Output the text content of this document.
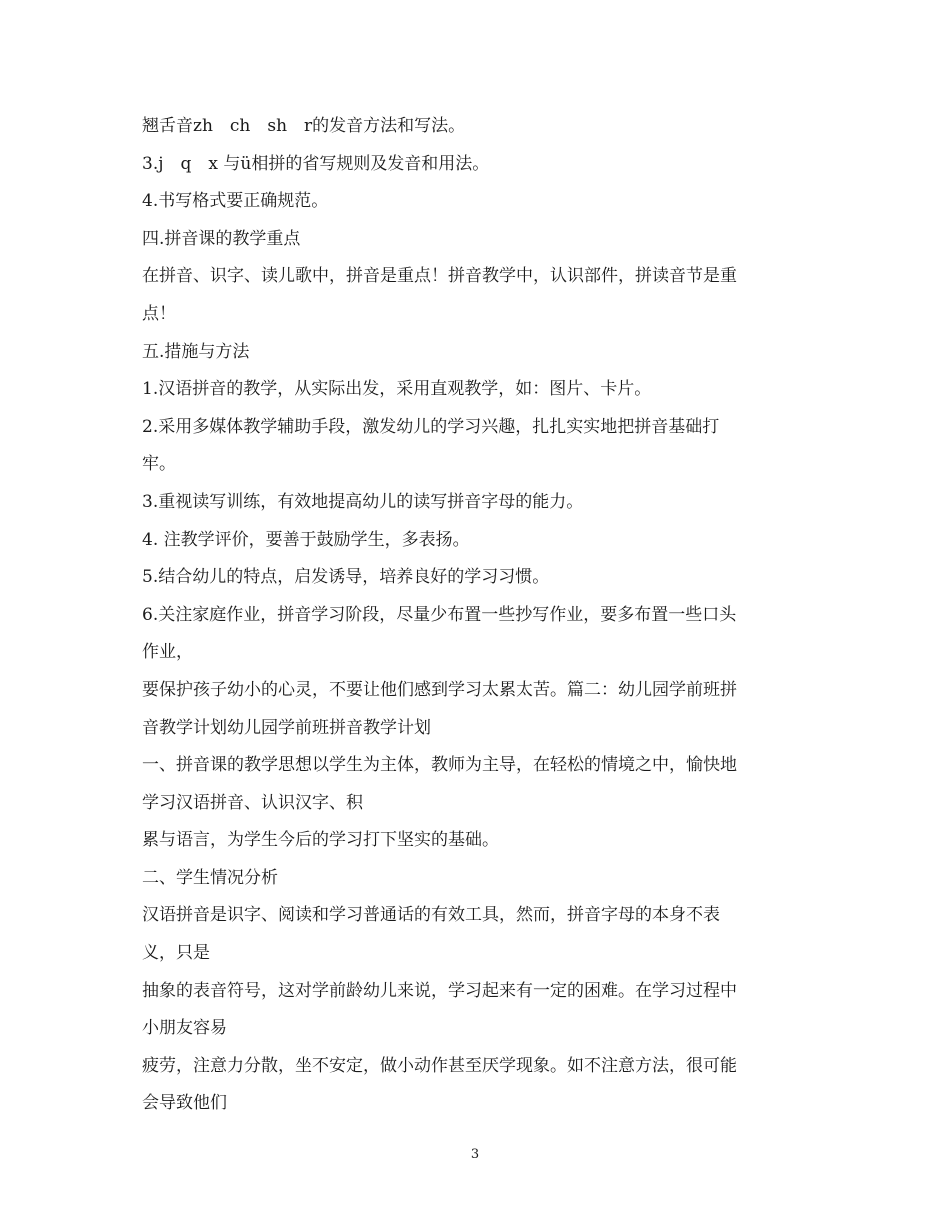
翘舌音zh　ch　sh　r的发音方法和写法。
3.j　q　x 与ü相拼的省写规则及发音和用法。
4.书写格式要正确规范。
四.拼音课的教学重点
在拼音、识字、读儿歌中，拼音是重点！拼音教学中，认识部件，拼读音节是重
点！
五.措施与方法
1.汉语拼音的教学，从实际出发，采用直观教学，如：图片、卡片。
2.采用多媒体教学辅助手段，激发幼儿的学习兴趣，扎扎实实地把拼音基础打
牢。
3.重视读写训练，有效地提高幼儿的读写拼音字母的能力。
4. 注教学评价，要善于鼓励学生，多表扬。
5.结合幼儿的特点，启发诱导，培养良好的学习习惯。
6.关注家庭作业，拼音学习阶段，尽量少布置一些抄写作业，要多布置一些口头
作业，
要保护孩子幼小的心灵，不要让他们感到学习太累太苦。篇二：幼儿园学前班拼
音教学计划幼儿园学前班拼音教学计划
一、拼音课的教学思想以学生为主体，教师为主导，在轻松的情境之中，愉快地
学习汉语拼音、认识汉字、积
累与语言，为学生今后的学习打下坚实的基础。
二、学生情况分析
汉语拼音是识字、阅读和学习普通话的有效工具，然而，拼音字母的本身不表
义，只是
抽象的表音符号，这对学前龄幼儿来说，学习起来有一定的困难。在学习过程中
小朋友容易
疲劳，注意力分散，坐不安定，做小动作甚至厌学现象。如不注意方法，很可能
会导致他们
3
